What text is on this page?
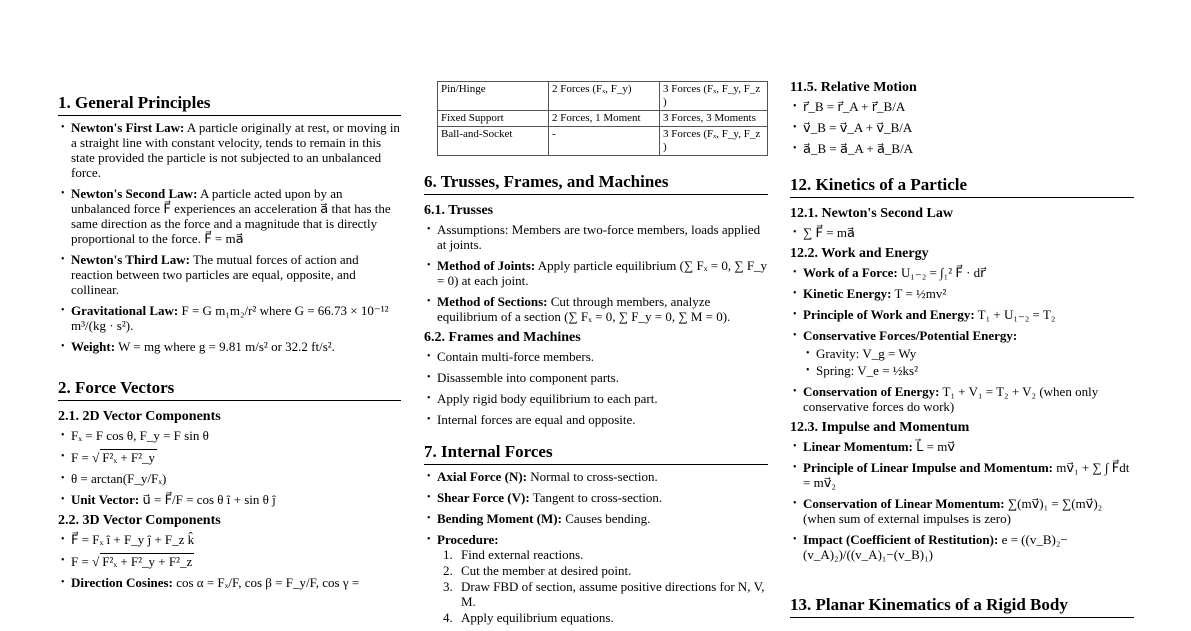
1. General Principles
• Newton's First Law: A particle originally at rest, or moving in a straight line with constant velocity, tends to remain in this state provided the particle is not subjected to an unbalanced force.
• Newton's Second Law: A particle acted upon by an unbalanced force F⃗ experiences an acceleration a⃗ that has the same direction as the force and a magnitude that is directly proportional to the force. F⃗ = ma⃗
• Newton's Third Law: The mutual forces of action and reaction between two particles are equal, opposite, and collinear.
• Gravitational Law: F = G m₁m₂/r² where G = 66.73 × 10⁻¹² m³/(kg · s²).
• Weight: W = mg where g = 9.81 m/s² or 32.2 ft/s².
2. Force Vectors
2.1. 2D Vector Components
• Fₓ = F cos θ, F_y = F sin θ
• F = √ F²ₓ + F²_y
• θ = arctan(F_y/Fₓ)
• Unit Vector: u⃗ = F⃗/F = cos θ î + sin θ ĵ
2.2. 3D Vector Components
• F⃗ = Fₓ î + F_y ĵ + F_z k̂
• F = √ F²ₓ + F²_y + F²_z
• Direction Cosines: cos α = Fₓ/F, cos β = F_y/F, cos γ =
Pin/Hinge	2 Forces (Fₓ, F_y)	3 Forces (Fₓ, F_y, F_z )
Fixed Support	2 Forces, 1 Moment	3 Forces, 3 Moments
Ball-and-Socket	-	3 Forces (Fₓ, F_y, F_z )
6. Trusses, Frames, and Machines
6.1. Trusses
• Assumptions: Members are two-force members, loads applied at joints.
• Method of Joints: Apply particle equilibrium (∑ Fₓ = 0, ∑ F_y = 0) at each joint.
• Method of Sections: Cut through members, analyze equilibrium of a section (∑ Fₓ = 0, ∑ F_y = 0, ∑ M = 0).
6.2. Frames and Machines
• Contain multi-force members.
• Disassemble into component parts.
• Apply rigid body equilibrium to each part.
• Internal forces are equal and opposite.
7. Internal Forces
• Axial Force (N): Normal to cross-section.
• Shear Force (V): Tangent to cross-section.
• Bending Moment (M): Causes bending.
• Procedure:
1. Find external reactions.
2. Cut the member at desired point.
3. Draw FBD of section, assume positive directions for N, V, M.
4. Apply equilibrium equations.
11.5. Relative Motion
• r⃗_B = r⃗_A + r⃗_B/A
• v⃗_B = v⃗_A + v⃗_B/A
• a⃗_B = a⃗_A + a⃗_B/A
12. Kinetics of a Particle
12.1. Newton's Second Law
• ∑ F⃗ = ma⃗
12.2. Work and Energy
• Work of a Force: U₁₋₂ = ∫₁² F⃗ · dr⃗
• Kinetic Energy: T = ½mv²
• Principle of Work and Energy: T₁ + U₁₋₂ = T₂
• Conservative Forces/Potential Energy:
• Gravity: V_g = Wy
• Spring: V_e = ½ks²
• Conservation of Energy: T₁ + V₁ = T₂ + V₂ (when only conservative forces do work)
12.3. Impulse and Momentum
• Linear Momentum: L⃗ = mv⃗
• Principle of Linear Impulse and Momentum: mv⃗₁ + ∑ ∫ F⃗dt = mv⃗₂
• Conservation of Linear Momentum: ∑(mv⃗)₁ = ∑(mv⃗)₂ (when sum of external impulses is zero)
• Impact (Coefficient of Restitution): e = ((v_B)₂−(v_A)₂)/((v_A)₁−(v_B)₁)
13. Planar Kinematics of a Rigid Body
